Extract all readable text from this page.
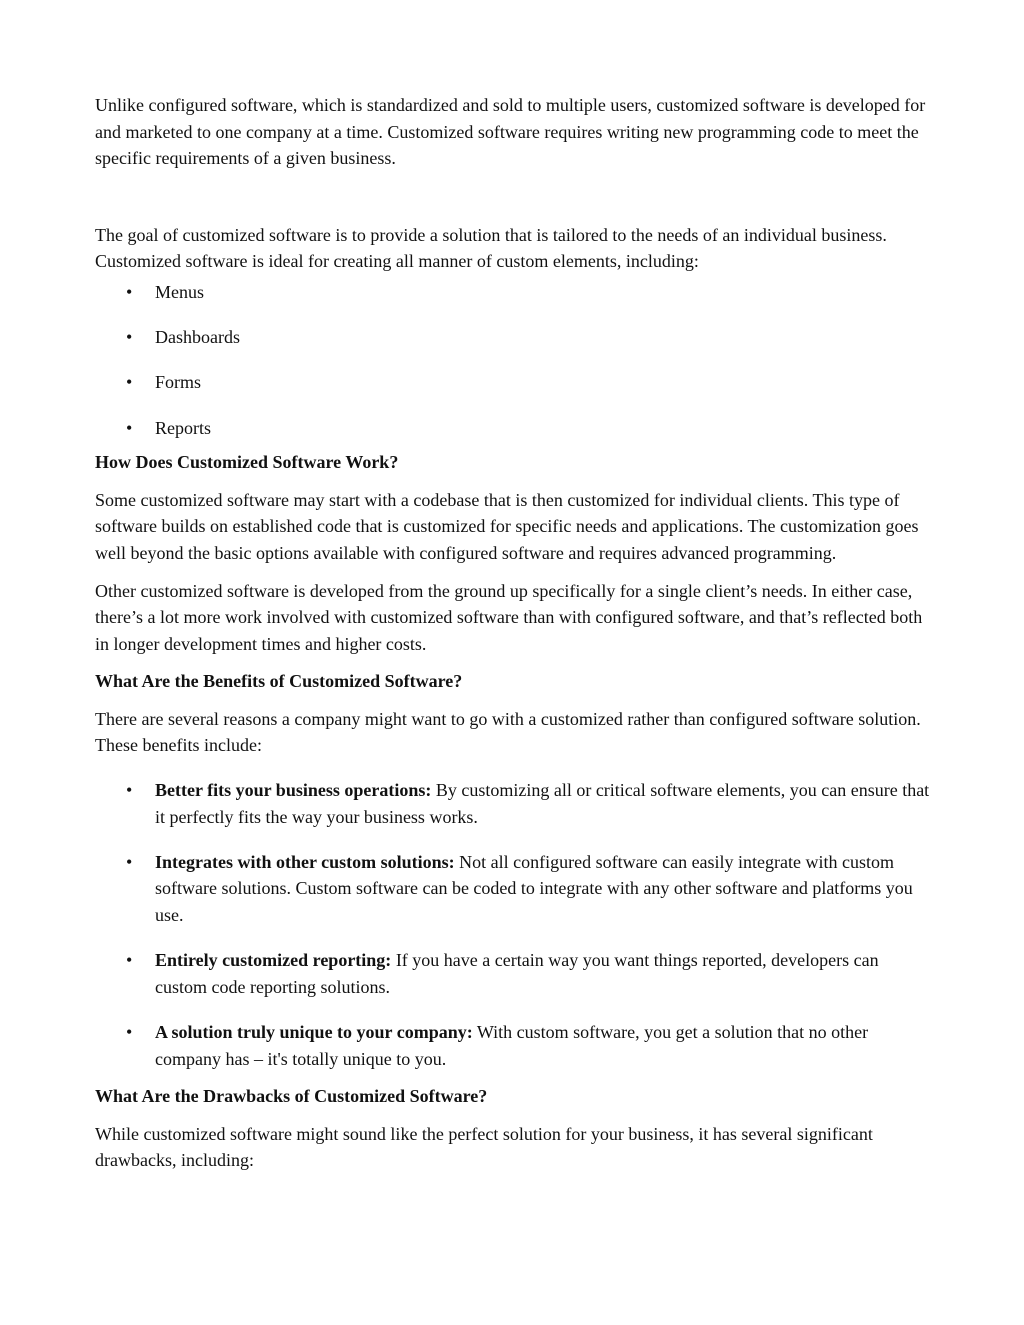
Unlike configured software, which is standardized and sold to multiple users, customized software is developed for and marketed to one company at a time. Customized software requires writing new programming code to meet the specific requirements of a given business.

The goal of customized software is to provide a solution that is tailored to the needs of an individual business. Customized software is ideal for creating all manner of custom elements, including:

• Menus
• Dashboards
• Forms
• Reports
How Does Customized Software Work?

Some customized software may start with a codebase that is then customized for individual clients. This type of software builds on established code that is customized for specific needs and applications. The customization goes well beyond the basic options available with configured software and requires advanced programming.

Other customized software is developed from the ground up specifically for a single client’s needs. In either case, there’s a lot more work involved with customized software than with configured software, and that’s reflected both in longer development times and higher costs.

What Are the Benefits of Customized Software?

There are several reasons a company might want to go with a customized rather than configured software solution. These benefits include:

• Better fits your business operations: By customizing all or critical software elements, you can ensure that it perfectly fits the way your business works.
• Integrates with other custom solutions: Not all configured software can easily integrate with custom software solutions. Custom software can be coded to integrate with any other software and platforms you use.
• Entirely customized reporting: If you have a certain way you want things reported, developers can custom code reporting solutions.
• A solution truly unique to your company: With custom software, you get a solution that no other company has – it's totally unique to you.
What Are the Drawbacks of Customized Software?

While customized software might sound like the perfect solution for your business, it has several significant drawbacks, including:
